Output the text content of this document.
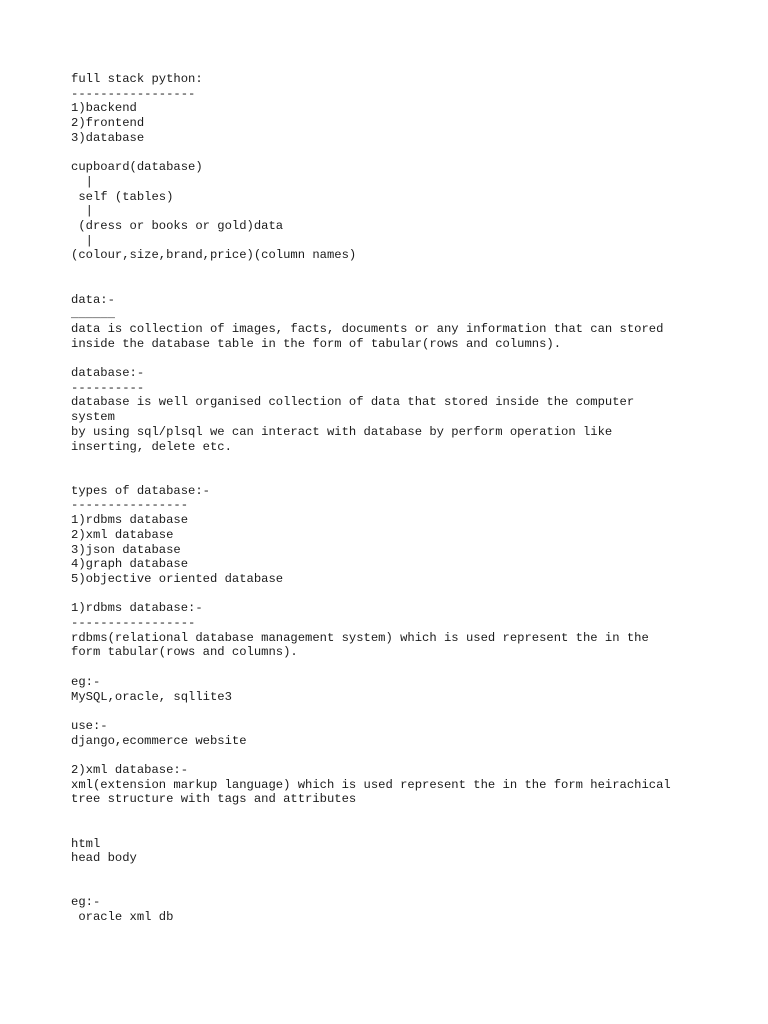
full stack python:
-----------------
1)backend
2)frontend
3)database

cupboard(database)
|
self (tables)
|
(dress or books or gold)data
|
(colour,size,brand,price)(column names)

data:-
______
data is collection of images, facts, documents or any information that can stored
inside the database table in the form of tabular(rows and columns).

database:-
----------
database is well organised collection of data that stored inside the computer
system
by using sql/plsql we can interact with database by perform operation like
inserting, delete etc.

types of database:-
----------------
1)rdbms database
2)xml database
3)json database
4)graph database
5)objective oriented database

1)rdbms database:-
-----------------
rdbms(relational database management system) which is used represent the in the
form tabular(rows and columns).

eg:-
MySQL,oracle, sqllite3

use:-
django,ecommerce website

2)xml database:-
xml(extension markup language) which is used represent the in the form heirachical
tree structure with tags and attributes

html
head body

eg:-
oracle xml db
